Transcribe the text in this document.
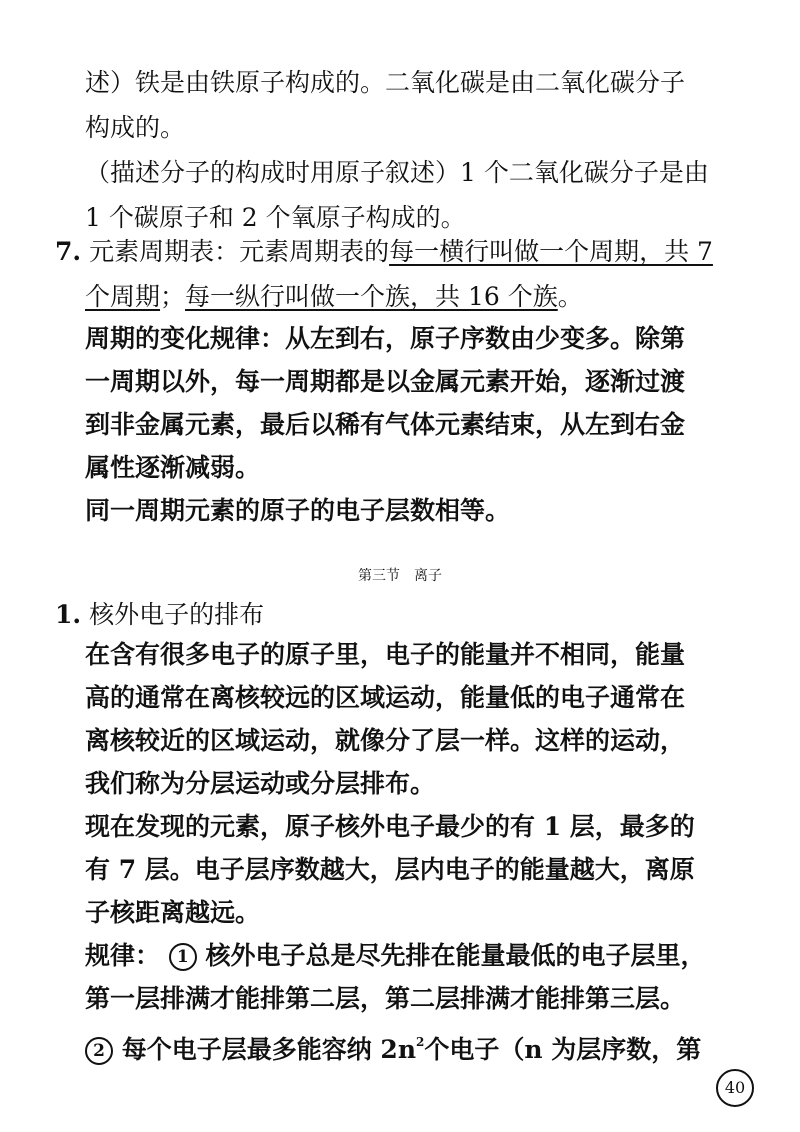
述）铁是由铁原子构成的。二氧化碳是由二氧化碳分子
构成的。
（描述分子的构成时用原子叙述）1 个二氧化碳分子是由
1 个碳原子和 2 个氧原子构成的。
7. 元素周期表：元素周期表的每一横行叫做一个周期，共 7
个周期；每一纵行叫做一个族，共 16 个族。
周期的变化规律：从左到右，原子序数由少变多。除第
一周期以外，每一周期都是以金属元素开始，逐渐过渡
到非金属元素，最后以稀有气体元素结束，从左到右金
属性逐渐减弱。
同一周期元素的原子的电子层数相等。
第三节　离子
1. 核外电子的排布
在含有很多电子的原子里，电子的能量并不相同，能量
高的通常在离核较远的区域运动，能量低的电子通常在
离核较近的区域运动，就像分了层一样。这样的运动，
我们称为分层运动或分层排布。
现在发现的元素，原子核外电子最少的有 1 层，最多的
有 7 层。电子层序数越大，层内电子的能量越大，离原
子核距离越远。
规律： 1 核外电子总是尽先排在能量最低的电子层里，
第一层排满才能排第二层，第二层排满才能排第三层。
2 每个电子层最多能容纳 $2n^2$个电子（n 为层序数，第
40
